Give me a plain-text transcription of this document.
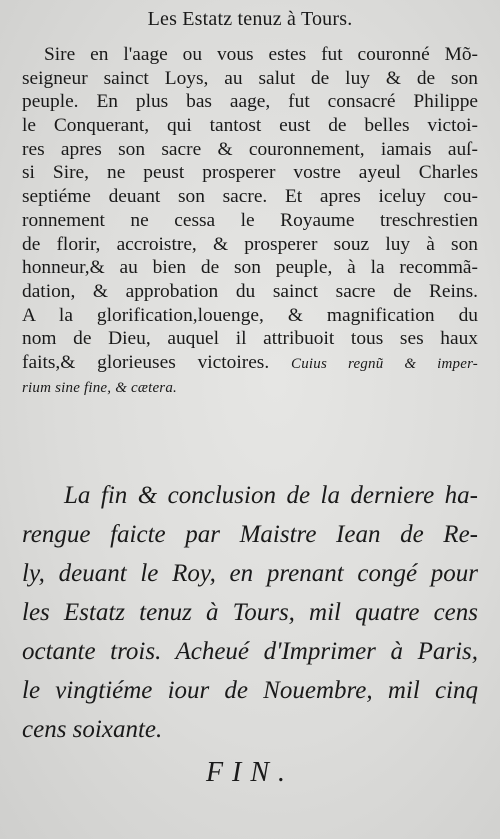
Les Estatz tenuz à Tours.
Sire en l'aage ou vous estes fut couronné Mõ-
seigneur sainct Loys, au salut de luy & de son
peuple. En plus bas aage, fut consacré Philippe
le Conquerant, qui tantost eust de belles victoi-
res apres son sacre & couronnement, iamais auſ-
si Sire, ne peust prosperer vostre ayeul Charles
septiéme deuant son sacre. Et apres iceluy cou-
ronnement ne cessa le Royaume treschrestien
de florir, accroistre, & prosperer souz luy à son
honneur,& au bien de son peuple, à la recommã-
dation, & approbation du sainct sacre de Reins.
A la glorification,louenge, & magnification du
nom de Dieu, auquel il attribuoit tous ses haux
faits,& glorieuses victoires. Cuius regnũ & imper-
rium sine fine, & cætera.
La fin & conclusion de la derniere ha-
rengue faicte par Maistre Iean de Re-
ly, deuant le Roy, en prenant congé pour
les Estatz tenuz à Tours, mil quatre cens
octante trois. Acheué d'Imprimer à Paris,
le vingtiéme iour de Nouembre, mil cinq
cens soixante.
FIN.
